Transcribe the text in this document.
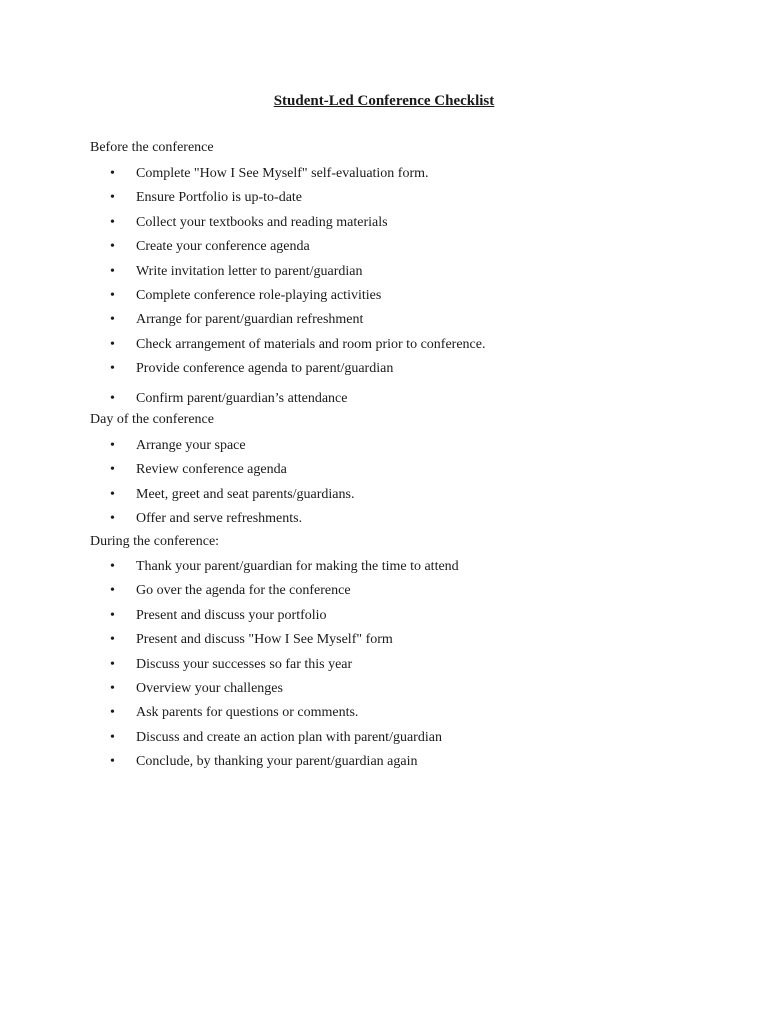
Student-Led Conference Checklist

Before the conference

• Complete "How I See Myself" self-evaluation form.
• Ensure Portfolio is up-to-date
• Collect your textbooks and reading materials
• Create your conference agenda
• Write invitation letter to parent/guardian
• Complete conference role-playing activities
• Arrange for parent/guardian refreshment
• Check arrangement of materials and room prior to conference.
• Provide conference agenda to parent/guardian
• Confirm parent/guardian’s attendance

Day of the conference

• Arrange your space
• Review conference agenda
• Meet, greet and seat parents/guardians.
• Offer and serve refreshments.

During the conference:

• Thank your parent/guardian for making the time to attend
• Go over the agenda for the conference
• Present and discuss your portfolio
• Present and discuss "How I See Myself" form
• Discuss your successes so far this year
• Overview your challenges
• Ask parents for questions or comments.
• Discuss and create an action plan with parent/guardian
• Conclude, by thanking your parent/guardian again
